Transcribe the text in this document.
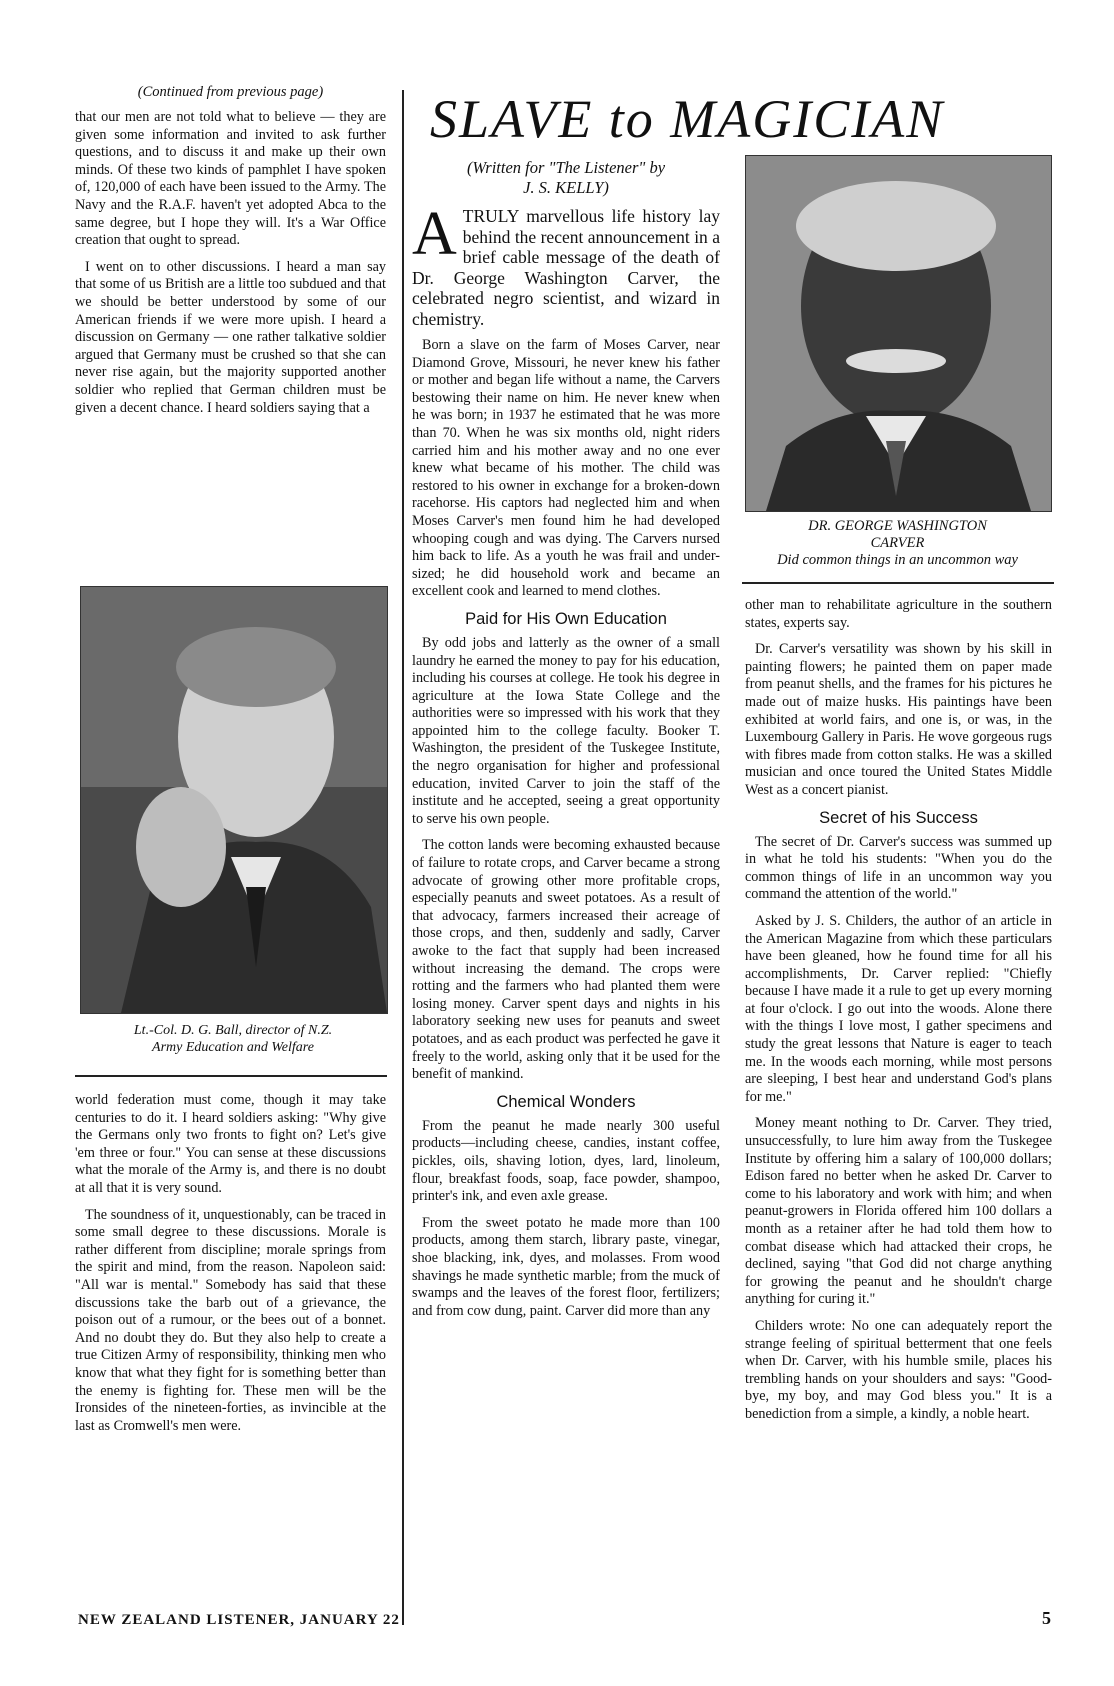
(Continued from previous page)

that our men are not told what to believe — they are given some information and invited to ask further questions, and to discuss it and make up their own minds. Of these two kinds of pamphlet I have spoken of, 120,000 of each have been issued to the Army. The Navy and the R.A.F. haven't yet adopted Abca to the same degree, but I hope they will. It's a War Office creation that ought to spread.

I went on to other discussions. I heard a man say that some of us British are a little too subdued and that we should be better understood by some of our American friends if we were more upish. I heard a discussion on Germany — one rather talkative soldier argued that Germany must be crushed so that she can never rise again, but the majority supported another soldier who replied that German children must be given a decent chance. I heard soldiers saying that a

Lt.-Col. D. G. Ball, director of N.Z.
Army Education and Welfare

world federation must come, though it may take centuries to do it. I heard soldiers asking: "Why give the Germans only two fronts to fight on? Let's give 'em three or four." You can sense at these discussions what the morale of the Army is, and there is no doubt at all that it is very sound.

The soundness of it, unquestionably, can be traced in some small degree to these discussions. Morale is rather different from discipline; morale springs from the spirit and mind, from the reason. Napoleon said: "All war is mental." Somebody has said that these discussions take the barb out of a grievance, the poison out of a rumour, or the bees out of a bonnet. And no doubt they do. But they also help to create a true Citizen Army of responsibility, thinking men who know that what they fight for is something better than the enemy is fighting for. These men will be the Ironsides of the nineteen-forties, as invincible at the last as Cromwell's men were.

SLAVE to MAGICIAN
(Written for "The Listener" by
J. S. KELLY)

A TRULY marvellous life history lay behind the recent announcement in a brief cable message of the death of Dr. George Washington Carver, the celebrated negro scientist, and wizard in chemistry.

Born a slave on the farm of Moses Carver, near Diamond Grove, Missouri, he never knew his father or mother and began life without a name, the Carvers bestowing their name on him. He never knew when he was born; in 1937 he estimated that he was more than 70. When he was six months old, night riders carried him and his mother away and no one ever knew what became of his mother. The child was restored to his owner in exchange for a broken-down racehorse. His captors had neglected him and when Moses Carver's men found him he had developed whooping cough and was dying. The Carvers nursed him back to life. As a youth he was frail and under-sized; he did household work and became an excellent cook and learned to mend clothes.

Paid for His Own Education

By odd jobs and latterly as the owner of a small laundry he earned the money to pay for his education, including his courses at college. He took his degree in agriculture at the Iowa State College and the authorities were so impressed with his work that they appointed him to the college faculty. Booker T. Washington, the president of the Tuskegee Institute, the negro organisation for higher and professional education, invited Carver to join the staff of the institute and he accepted, seeing a great opportunity to serve his own people.

The cotton lands were becoming exhausted because of failure to rotate crops, and Carver became a strong advocate of growing other more profitable crops, especially peanuts and sweet potatoes. As a result of that advocacy, farmers increased their acreage of those crops, and then, suddenly and sadly, Carver awoke to the fact that supply had been increased without increasing the demand. The crops were rotting and the farmers who had planted them were losing money. Carver spent days and nights in his laboratory seeking new uses for peanuts and sweet potatoes, and as each product was perfected he gave it freely to the world, asking only that it be used for the benefit of mankind.

Chemical Wonders

From the peanut he made nearly 300 useful products—including cheese, candies, instant coffee, pickles, oils, shaving lotion, dyes, lard, linoleum, flour, breakfast foods, soap, face powder, shampoo, printer's ink, and even axle grease.

From the sweet potato he made more than 100 products, among them starch, library paste, vinegar, shoe blacking, ink, dyes, and molasses. From wood shavings he made synthetic marble; from the muck of swamps and the leaves of the forest floor, fertilizers; and from cow dung, paint. Carver did more than any

DR. GEORGE WASHINGTON
CARVER
Did common things in an uncommon way

other man to rehabilitate agriculture in the southern states, experts say.

Dr. Carver's versatility was shown by his skill in painting flowers; he painted them on paper made from peanut shells, and the frames for his pictures he made out of maize husks. His paintings have been exhibited at world fairs, and one is, or was, in the Luxembourg Gallery in Paris. He wove gorgeous rugs with fibres made from cotton stalks. He was a skilled musician and once toured the United States Middle West as a concert pianist.

Secret of his Success

The secret of Dr. Carver's success was summed up in what he told his students: "When you do the common things of life in an uncommon way you command the attention of the world."

Asked by J. S. Childers, the author of an article in the American Magazine from which these particulars have been gleaned, how he found time for all his accomplishments, Dr. Carver replied: "Chiefly because I have made it a rule to get up every morning at four o'clock. I go out into the woods. Alone there with the things I love most, I gather specimens and study the great lessons that Nature is eager to teach me. In the woods each morning, while most persons are sleeping, I best hear and understand God's plans for me."

Money meant nothing to Dr. Carver. They tried, unsuccessfully, to lure him away from the Tuskegee Institute by offering him a salary of 100,000 dollars; Edison fared no better when he asked Dr. Carver to come to his laboratory and work with him; and when peanut-growers in Florida offered him 100 dollars a month as a retainer after he had told them how to combat disease which had attacked their crops, he declined, saying "that God did not charge anything for growing the peanut and he shouldn't charge anything for curing it."

Childers wrote: No one can adequately report the strange feeling of spiritual betterment that one feels when Dr. Carver, with his humble smile, places his trembling hands on your shoulders and says: "Good-bye, my boy, and may God bless you." It is a benediction from a simple, a kindly, a noble heart.

NEW ZEALAND LISTENER, JANUARY 22	5
